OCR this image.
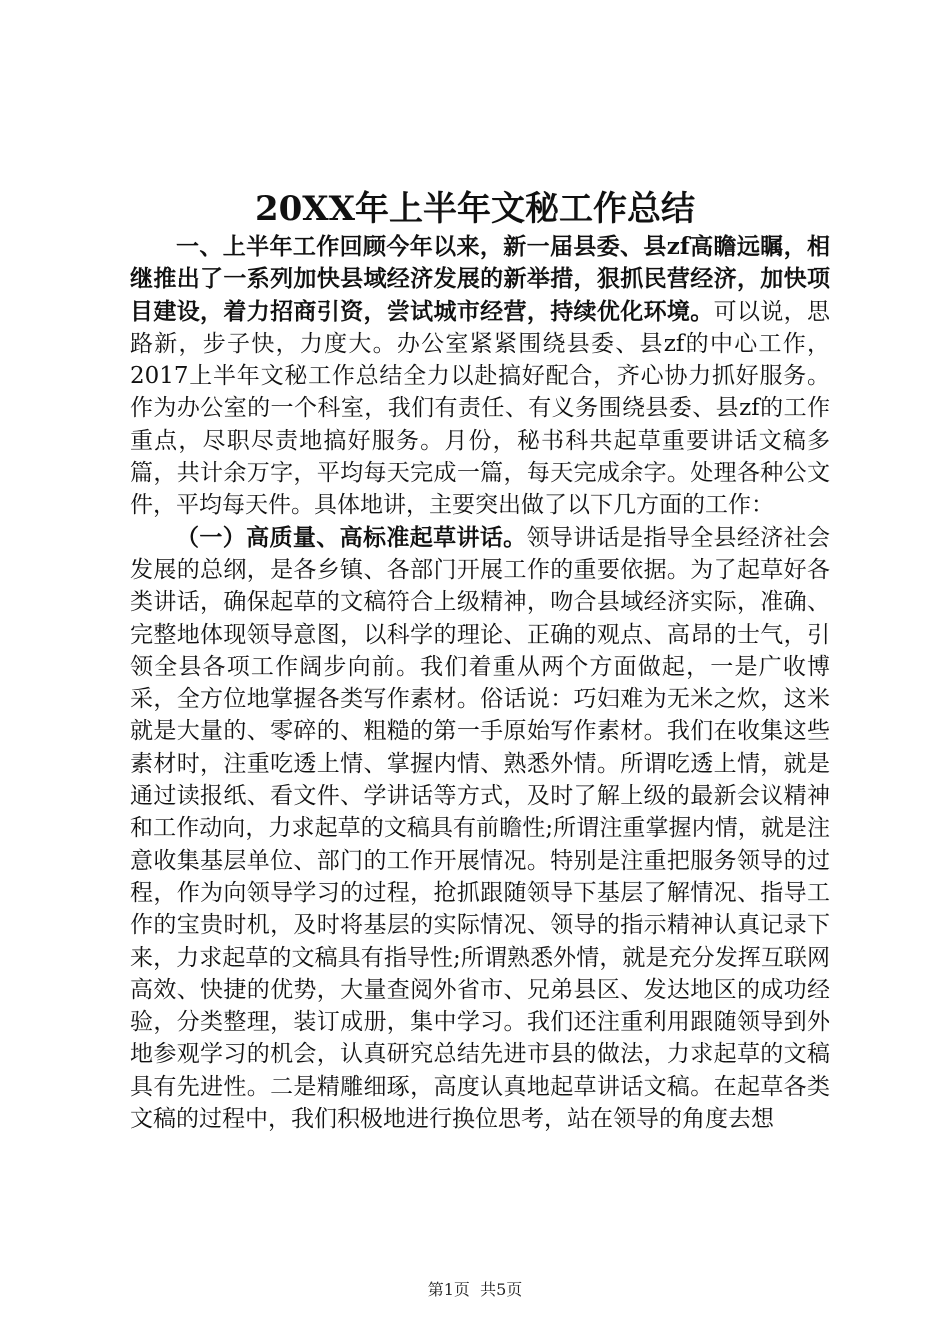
20XX年上半年文秘工作总结

一、上半年工作回顾今年以来，新一届县委、县zf高瞻远瞩，相继推出了一系列加快县域经济发展的新举措，狠抓民营经济，加快项目建设，着力招商引资，尝试城市经营，持续优化环境。可以说，思路新，步子快，力度大。办公室紧紧围绕县委、县zf的中心工作，2017上半年文秘工作总结全力以赴搞好配合，齐心协力抓好服务。作为办公室的一个科室，我们有责任、有义务围绕县委、县zf的工作重点，尽职尽责地搞好服务。月份，秘书科共起草重要讲话文稿多篇，共计余万字，平均每天完成一篇，每天完成余字。处理各种公文件，平均每天件。具体地讲，主要突出做了以下几方面的工作：

（一）高质量、高标准起草讲话。领导讲话是指导全县经济社会发展的总纲，是各乡镇、各部门开展工作的重要依据。为了起草好各类讲话，确保起草的文稿符合上级精神，吻合县域经济实际，准确、完整地体现领导意图，以科学的理论、正确的观点、高昂的士气，引领全县各项工作阔步向前。我们着重从两个方面做起，一是广收博采，全方位地掌握各类写作素材。俗话说：巧妇难为无米之炊，这米就是大量的、零碎的、粗糙的第一手原始写作素材。我们在收集这些素材时，注重吃透上情、掌握内情、熟悉外情。所谓吃透上情，就是通过读报纸、看文件、学讲话等方式，及时了解上级的最新会议精神和工作动向，力求起草的文稿具有前瞻性;所谓注重掌握内情，就是注意收集基层单位、部门的工作开展情况。特别是注重把服务领导的过程，作为向领导学习的过程，抢抓跟随领导下基层了解情况、指导工作的宝贵时机，及时将基层的实际情况、领导的指示精神认真记录下来，力求起草的文稿具有指导性;所谓熟悉外情，就是充分发挥互联网高效、快捷的优势，大量查阅外省市、兄弟县区、发达地区的成功经验，分类整理，装订成册，集中学习。我们还注重利用跟随领导到外地参观学习的机会，认真研究总结先进市县的做法，力求起草的文稿具有先进性。二是精雕细琢，高度认真地起草讲话文稿。在起草各类文稿的过程中，我们积极地进行换位思考，站在领导的角度去想

第1页  共5页
